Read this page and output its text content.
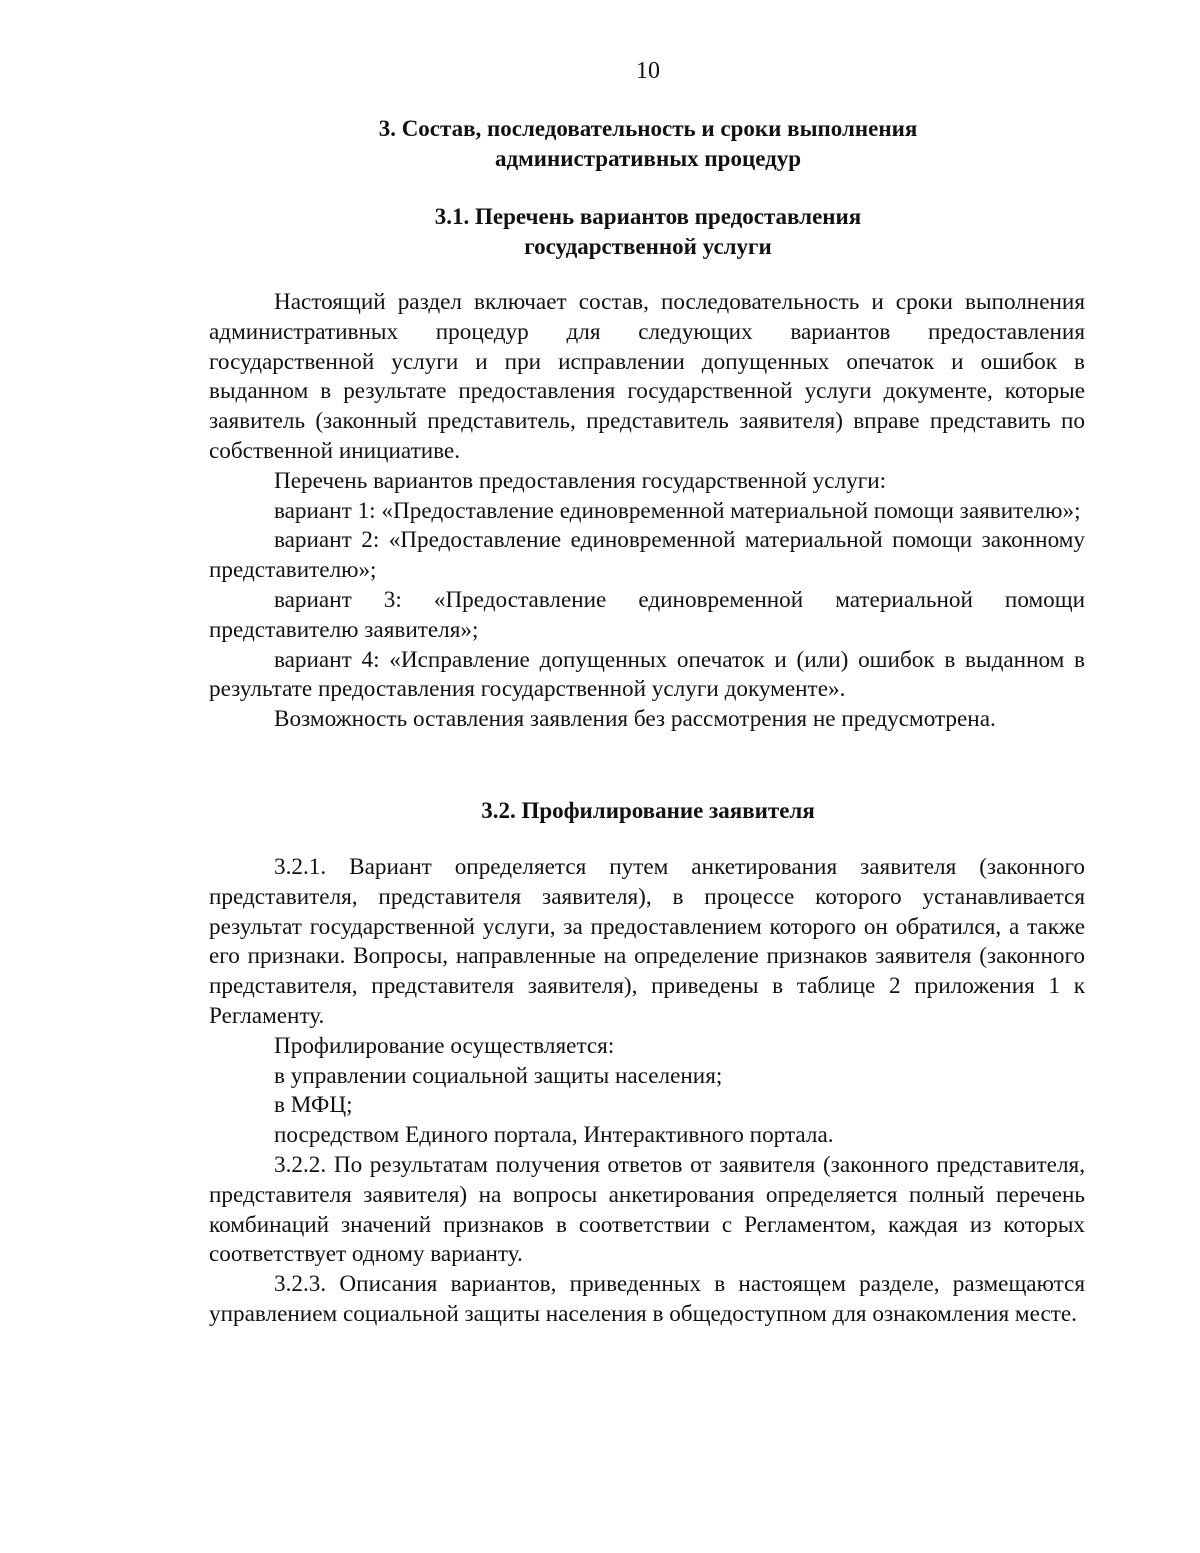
10
3. Состав, последовательность и сроки выполнения
административных процедур
3.1. Перечень вариантов предоставления
государственной услуги

Настоящий раздел включает состав, последовательность и сроки выполнения административных процедур для следующих вариантов предоставления государственной услуги и при исправлении допущенных опечаток и ошибок в выданном в результате предоставления государственной услуги документе, которые заявитель (законный представитель, представитель заявителя) вправе представить по собственной инициативе.

Перечень вариантов предоставления государственной услуги:

вариант 1: «Предоставление единовременной материальной помощи заявителю»;

вариант 2: «Предоставление единовременной материальной помощи законному представителю»;

вариант 3: «Предоставление единовременной материальной помощи представителю заявителя»;

вариант 4: «Исправление допущенных опечаток и (или) ошибок в выданном в результате предоставления государственной услуги документе».

Возможность оставления заявления без рассмотрения не предусмотрена.

3.2. Профилирование заявителя

3.2.1. Вариант определяется путем анкетирования заявителя (законного представителя, представителя заявителя), в процессе которого устанавливается результат государственной услуги, за предоставлением которого он обратился, а также его признаки. Вопросы, направленные на определение признаков заявителя (законного представителя, представителя заявителя), приведены в таблице 2 приложения 1 к Регламенту.

Профилирование осуществляется:

в управлении социальной защиты населения;

в МФЦ;

посредством Единого портала, Интерактивного портала.

3.2.2. По результатам получения ответов от заявителя (законного представителя, представителя заявителя) на вопросы анкетирования определяется полный перечень комбинаций значений признаков в соответствии с Регламентом, каждая из которых соответствует одному варианту.

3.2.3. Описания вариантов, приведенных в настоящем разделе, размещаются управлением социальной защиты населения в общедоступном для ознакомления месте.
